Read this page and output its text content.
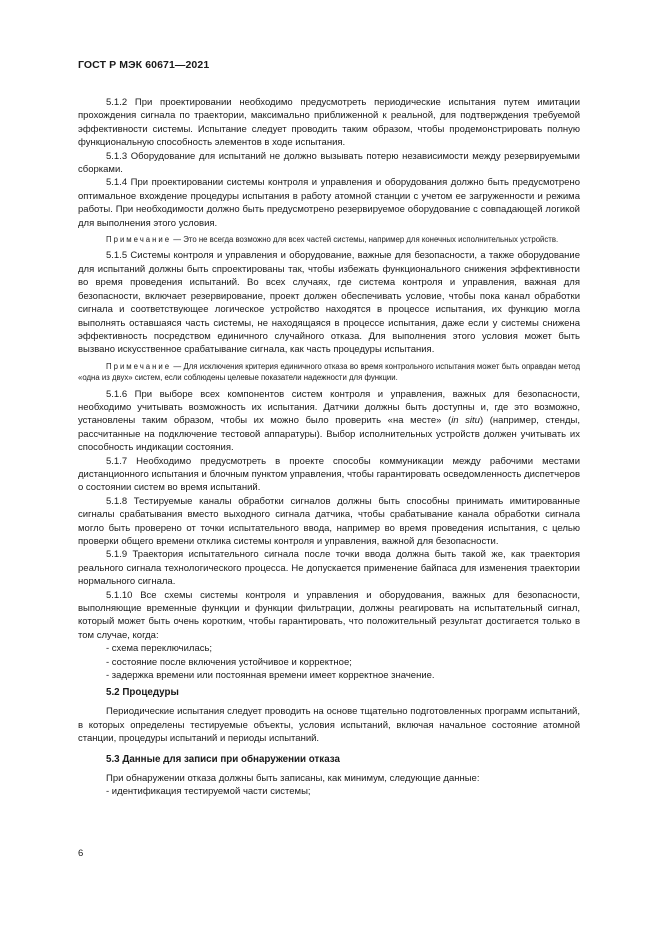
ГОСТ Р МЭК 60671—2021

5.1.2 При проектировании необходимо предусмотреть периодические испытания путем имитации прохождения сигнала по траектории, максимально приближенной к реальной, для подтверждения требуемой эффективности системы. Испытание следует проводить таким образом, чтобы продемонстрировать полную функциональную способность элементов в ходе испытания.

5.1.3 Оборудование для испытаний не должно вызывать потерю независимости между резервируемыми сборками.

5.1.4 При проектировании системы контроля и управления и оборудования должно быть предусмотрено оптимальное вхождение процедуры испытания в работу атомной станции с учетом ее загруженности и режима работы. При необходимости должно быть предусмотрено резервируемое оборудование с совпадающей логикой для выполнения этого условия.

Примечание — Это не всегда возможно для всех частей системы, например для конечных исполнительных устройств.

5.1.5 Системы контроля и управления и оборудование, важные для безопасности, а также оборудование для испытаний должны быть спроектированы так, чтобы избежать функционального снижения эффективности во время проведения испытаний. Во всех случаях, где система контроля и управления, важная для безопасности, включает резервирование, проект должен обеспечивать условие, чтобы пока канал обработки сигнала и соответствующее логическое устройство находятся в процессе испытания, их функцию могла выполнять оставшаяся часть системы, не находящаяся в процессе испытания, даже если у системы снижена эффективность посредством единичного случайного отказа. Для выполнения этого условия может быть вызвано искусственное срабатывание сигнала, как часть процедуры испытания.

Примечание — Для исключения критерия единичного отказа во время контрольного испытания может быть оправдан метод «одна из двух» систем, если соблюдены целевые показатели надежности для функции.

5.1.6 При выборе всех компонентов систем контроля и управления, важных для безопасности, необходимо учитывать возможность их испытания. Датчики должны быть доступны и, где это возможно, установлены таким образом, чтобы их можно было проверить «на месте» (in situ) (например, стенды, рассчитанные на подключение тестовой аппаратуры). Выбор исполнительных устройств должен учитывать их способность индикации состояния.

5.1.7 Необходимо предусмотреть в проекте способы коммуникации между рабочими местами дистанционного испытания и блочным пунктом управления, чтобы гарантировать осведомленность диспетчеров о состоянии систем во время испытаний.

5.1.8 Тестируемые каналы обработки сигналов должны быть способны принимать имитированные сигналы срабатывания вместо выходного сигнала датчика, чтобы срабатывание канала обработки сигнала могло быть проверено от точки испытательного ввода, например во время проведения испытания, с целью проверки общего времени отклика системы контроля и управления, важной для безопасности.

5.1.9 Траектория испытательного сигнала после точки ввода должна быть такой же, как траектория реального сигнала технологического процесса. Не допускается применение байпаса для изменения траектории нормального сигнала.

5.1.10 Все схемы системы контроля и управления и оборудования, важных для безопасности, выполняющие временные функции и функции фильтрации, должны реагировать на испытательный сигнал, который может быть очень коротким, чтобы гарантировать, что положительный результат достигается только в том случае, когда:

- схема переключилась;

- состояние после включения устойчивое и корректное;

- задержка времени или постоянная времени имеет корректное значение.

5.2 Процедуры

Периодические испытания следует проводить на основе тщательно подготовленных программ испытаний, в которых определены тестируемые объекты, условия испытаний, включая начальное состояние атомной станции, процедуры испытаний и периоды испытаний.

5.3 Данные для записи при обнаружении отказа

При обнаружении отказа должны быть записаны, как минимум, следующие данные:

- идентификация тестируемой части системы;

6
